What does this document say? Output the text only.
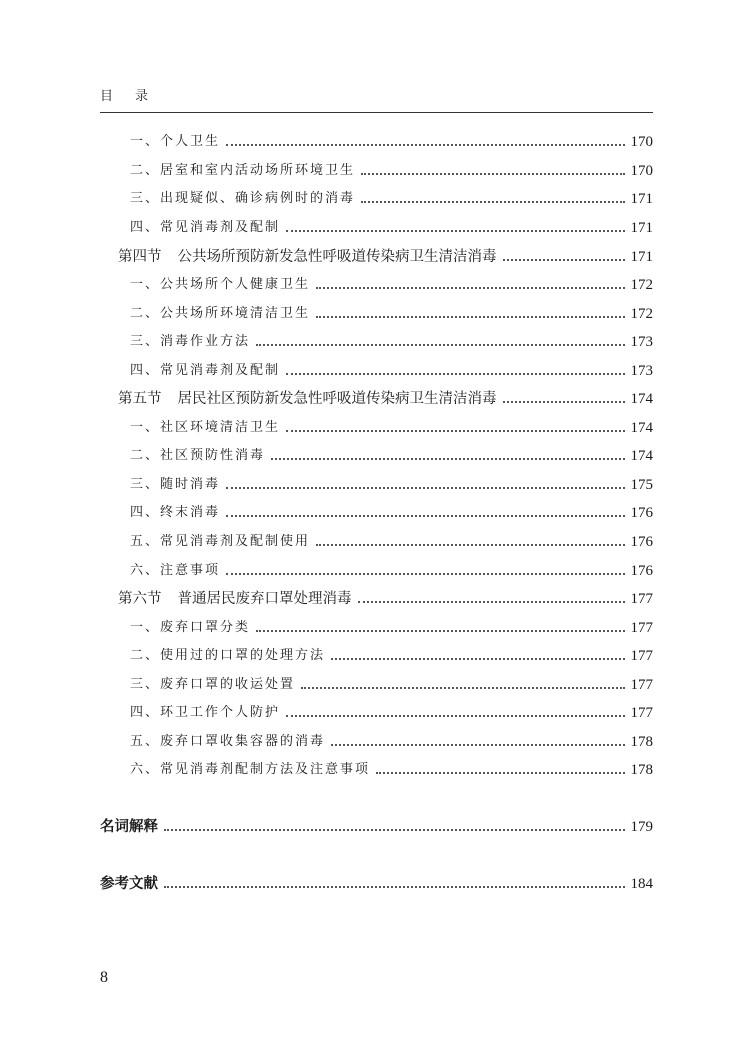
目录
一、个人卫生	170
二、居室和室内活动场所环境卫生	170
三、出现疑似、确诊病例时的消毒	171
四、常见消毒剂及配制	171
第四节 公共场所预防新发急性呼吸道传染病卫生清洁消毒	171
一、公共场所个人健康卫生	172
二、公共场所环境清洁卫生	172
三、消毒作业方法	173
四、常见消毒剂及配制	173
第五节 居民社区预防新发急性呼吸道传染病卫生清洁消毒	174
一、社区环境清洁卫生	174
二、社区预防性消毒	174
三、随时消毒	175
四、终末消毒	176
五、常见消毒剂及配制使用	176
六、注意事项	176
第六节 普通居民废弃口罩处理消毒	177
一、废弃口罩分类	177
二、使用过的口罩的处理方法	177
三、废弃口罩的收运处置	177
四、环卫工作个人防护	177
五、废弃口罩收集容器的消毒	178
六、常见消毒剂配制方法及注意事项	178
名词解释	179
参考文献	184
8
